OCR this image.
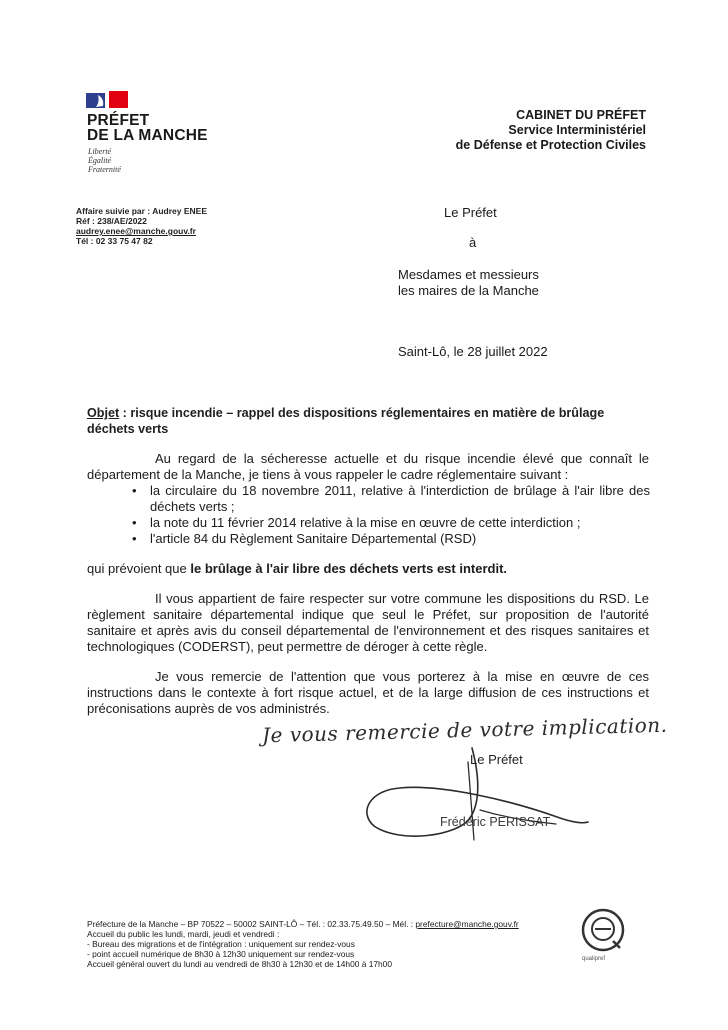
PRÉFET
DE LA MANCHE
Liberté
Égalité
Fraternité
CABINET DU PRÉFET
Service Interministériel
de Défense et Protection Civiles
Affaire suivie par : Audrey ENEE
Réf : 238/AE/2022
audrey.enee@manche.gouv.fr
Tél : 02 33 75 47 82
Le Préfet
à
Mesdames et messieurs
les maires de la Manche
Saint-Lô, le 28 juillet 2022
Objet : risque incendie – rappel des dispositions réglementaires en matière de brûlage déchets verts
Au regard de la sécheresse actuelle et du risque incendie élevé que connaît le département de la Manche, je tiens à vous rappeler le cadre réglementaire suivant :
• la circulaire du 18 novembre 2011, relative à l'interdiction de brûlage à l'air libre des déchets verts ;
• la note du 11 février 2014 relative à la mise en œuvre de cette interdiction ;
• l'article 84 du Règlement Sanitaire Départemental (RSD)
qui prévoient que le brûlage à l'air libre des déchets verts est interdit.
Il vous appartient de faire respecter sur votre commune les dispositions du RSD. Le règlement sanitaire départemental indique que seul le Préfet, sur proposition de l'autorité sanitaire et après avis du conseil départemental de l'environnement et des risques sanitaires et technologiques (CODERST), peut permettre de déroger à cette règle.
Je vous remercie de l'attention que vous porterez à la mise en œuvre de ces instructions dans le contexte à fort risque actuel, et de la large diffusion de ces instructions et préconisations auprès de vos administrés.
Je vous remercie de votre implication.
Le Préfet
Frédéric PERISSAT
Préfecture de la Manche – BP 70522 – 50002 SAINT-LÔ – Tél. : 02.33.75.49.50 – Mél. : prefecture@manche.gouv.fr
Accueil du public les lundi, mardi, jeudi et vendredi :
- Bureau des migrations et de l'intégration : uniquement sur rendez-vous
- point accueil numérique de 8h30 à 12h30 uniquement sur rendez-vous
Accueil général ouvert du lundi au vendredi de 8h30 à 12h30 et de 14h00 à 17h00	qualipref
